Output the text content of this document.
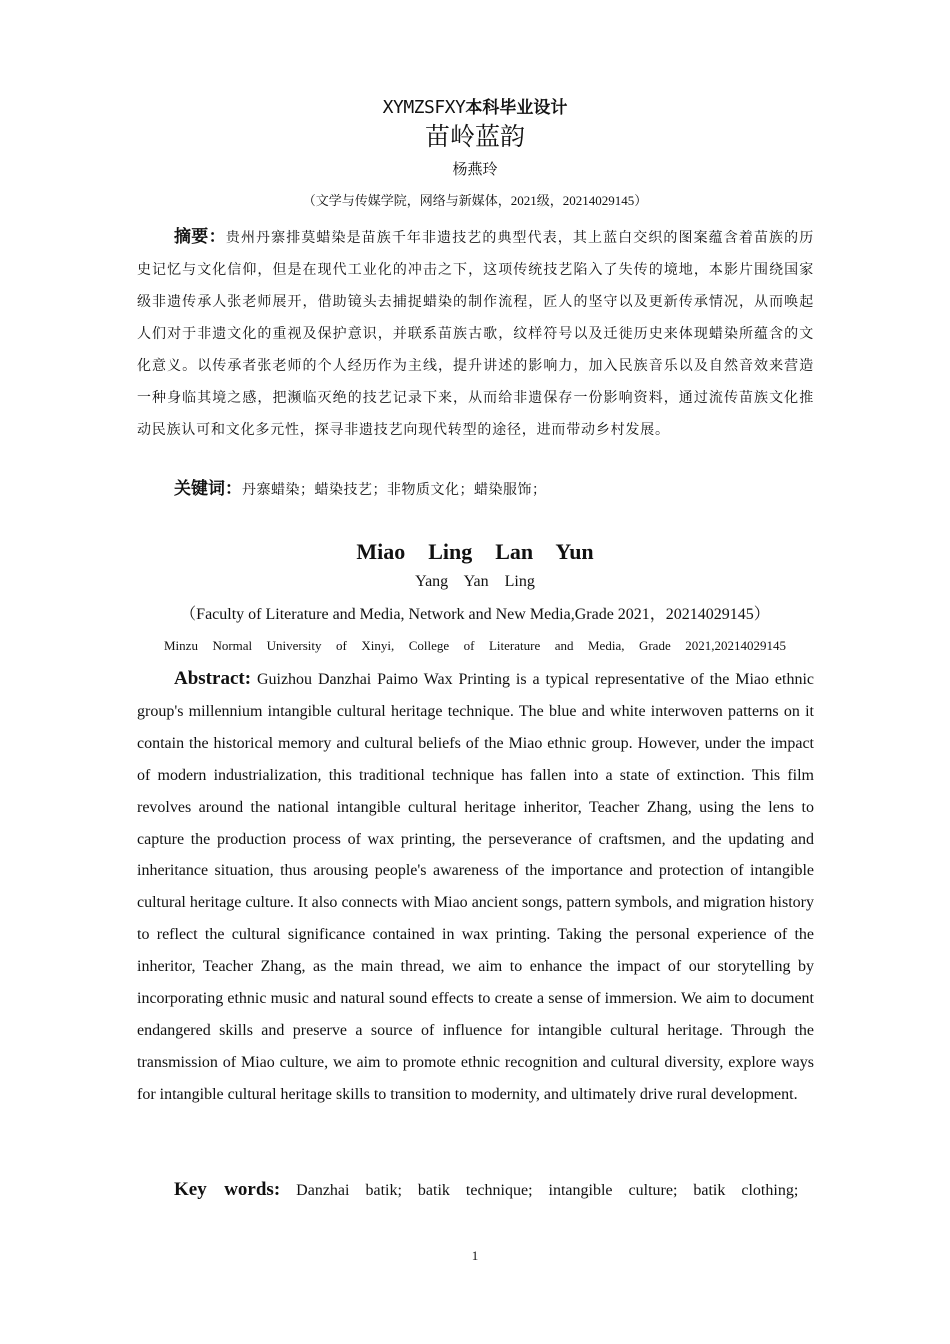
XYMZSFXY本科毕业设计
苗岭蓝韵
杨燕玲
（文学与传媒学院，网络与新媒体，2021级，20214029145）
摘要：贵州丹寨排莫蜡染是苗族千年非遗技艺的典型代表，其上蓝白交织的图案蕴含着苗族的历史记忆与文化信仰，但是在现代工业化的冲击之下，这项传统技艺陷入了失传的境地，本影片围绕国家级非遗传承人张老师展开，借助镜头去捕捉蜡染的制作流程，匠人的坚守以及更新传承情况，从而唤起人们对于非遗文化的重视及保护意识，并联系苗族古歌，纹样符号以及迁徙历史来体现蜡染所蕴含的文化意义。以传承者张老师的个人经历作为主线，提升讲述的影响力，加入民族音乐以及自然音效来营造一种身临其境之感，把濒临灭绝的技艺记录下来，从而给非遗保存一份影响资料，通过流传苗族文化推动民族认可和文化多元性，探寻非遗技艺向现代转型的途径，进而带动乡村发展。
关键词：丹寨蜡染；蜡染技艺；非物质文化；蜡染服饰；
Miao  Ling  Lan  Yun
Yang  Yan  Ling
（Faculty of Literature and Media, Network and New Media,Grade 2021，20214029145）
Minzu  Normal  University  of  Xinyi,  College  of  Literature  and  Media,  Grade  2021,20214029145
Abstract: Guizhou Danzhai Paimo Wax Printing is a typical representative of the Miao ethnic group's millennium intangible cultural heritage technique. The blue and white interwoven patterns on it contain the historical memory and cultural beliefs of the Miao ethnic group. However, under the impact of modern industrialization, this traditional technique has fallen into a state of extinction. This film revolves around the national intangible cultural heritage inheritor, Teacher Zhang, using the lens to capture the production process of wax printing, the perseverance of craftsmen, and the updating and inheritance situation, thus arousing people's awareness of the importance and protection of intangible cultural heritage culture. It also connects with Miao ancient songs, pattern symbols, and migration history to reflect the cultural significance contained in wax printing. Taking the personal experience of the inheritor, Teacher Zhang, as the main thread, we aim to enhance the impact of our storytelling by incorporating ethnic music and natural sound effects to create a sense of immersion. We aim to document endangered skills and preserve a source of influence for intangible cultural heritage. Through the transmission of Miao culture, we aim to promote ethnic recognition and cultural diversity, explore ways for intangible cultural heritage skills to transition to modernity, and ultimately drive rural development.
Key  words: Danzhai  batik;  batik  technique;  intangible  culture;  batik  clothing;
1
